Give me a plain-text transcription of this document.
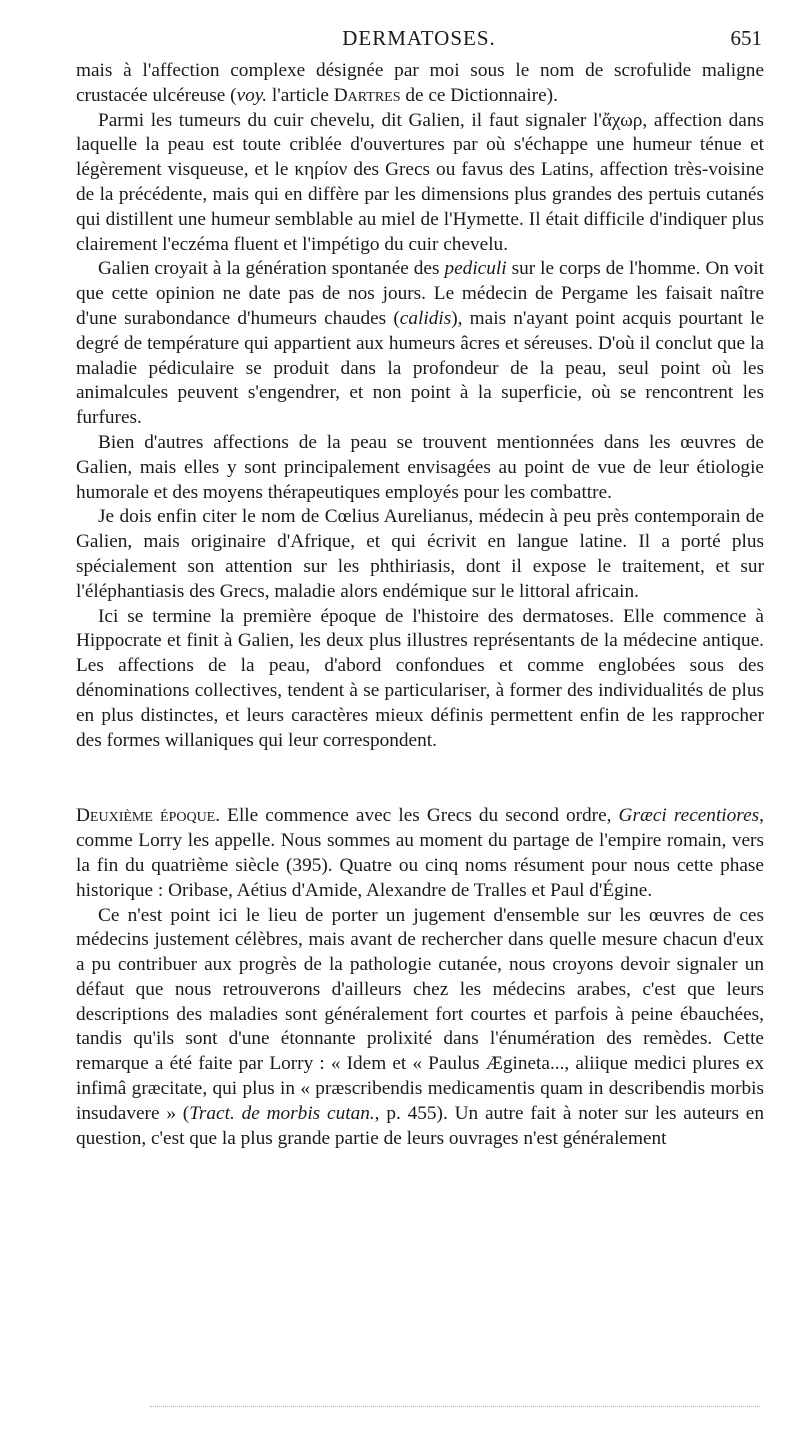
DERMATOSES.	651

mais à l'affection complexe désignée par moi sous le nom de scrofulide maligne crustacée ulcéreuse (voy. l'article Dartres de ce Dictionnaire).

Parmi les tumeurs du cuir chevelu, dit Galien, il faut signaler l'ἄχωρ, affection dans laquelle la peau est toute criblée d'ouvertures par où s'échappe une humeur ténue et légèrement visqueuse, et le κηρίον des Grecs ou favus des Latins, affection très-voisine de la précédente, mais qui en diffère par les dimensions plus grandes des pertuis cutanés qui distillent une humeur semblable au miel de l'Hymette. Il était difficile d'indiquer plus clairement l'eczéma fluent et l'impétigo du cuir chevelu.

Galien croyait à la génération spontanée des pediculi sur le corps de l'homme. On voit que cette opinion ne date pas de nos jours. Le médecin de Pergame les faisait naître d'une surabondance d'humeurs chaudes (calidis), mais n'ayant point acquis pourtant le degré de température qui appartient aux humeurs âcres et séreuses. D'où il conclut que la maladie pédiculaire se produit dans la profondeur de la peau, seul point où les animalcules peuvent s'engendrer, et non point à la superficie, où se rencontrent les furfures.

Bien d'autres affections de la peau se trouvent mentionnées dans les œuvres de Galien, mais elles y sont principalement envisagées au point de vue de leur étiologie humorale et des moyens thérapeutiques employés pour les combattre.

Je dois enfin citer le nom de Cœlius Aurelianus, médecin à peu près contemporain de Galien, mais originaire d'Afrique, et qui écrivit en langue latine. Il a porté plus spécialement son attention sur les phthiriasis, dont il expose le traitement, et sur l'éléphantiasis des Grecs, maladie alors endémique sur le littoral africain.

Ici se termine la première époque de l'histoire des dermatoses. Elle commence à Hippocrate et finit à Galien, les deux plus illustres représentants de la médecine antique. Les affections de la peau, d'abord confondues et comme englobées sous des dénominations collectives, tendent à se particulariser, à former des individualités de plus en plus distinctes, et leurs caractères mieux définis permettent enfin de les rapprocher des formes willaniques qui leur correspondent.

Deuxième époque. Elle commence avec les Grecs du second ordre, Græci recentiores, comme Lorry les appelle. Nous sommes au moment du partage de l'empire romain, vers la fin du quatrième siècle (395). Quatre ou cinq noms résument pour nous cette phase historique : Oribase, Aétius d'Amide, Alexandre de Tralles et Paul d'Égine.

Ce n'est point ici le lieu de porter un jugement d'ensemble sur les œuvres de ces médecins justement célèbres, mais avant de rechercher dans quelle mesure chacun d'eux a pu contribuer aux progrès de la pathologie cutanée, nous croyons devoir signaler un défaut que nous retrouverons d'ailleurs chez les médecins arabes, c'est que leurs descriptions des maladies sont généralement fort courtes et parfois à peine ébauchées, tandis qu'ils sont d'une étonnante prolixité dans l'énumération des remèdes. Cette remarque a été faite par Lorry : « Idem et « Paulus Ægineta..., aliique medici plures ex infimâ græcitate, qui plus in « præscribendis medicamentis quam in describendis morbis insudavere » (Tract. de morbis cutan., p. 455). Un autre fait à noter sur les auteurs en question, c'est que la plus grande partie de leurs ouvrages n'est généralement
